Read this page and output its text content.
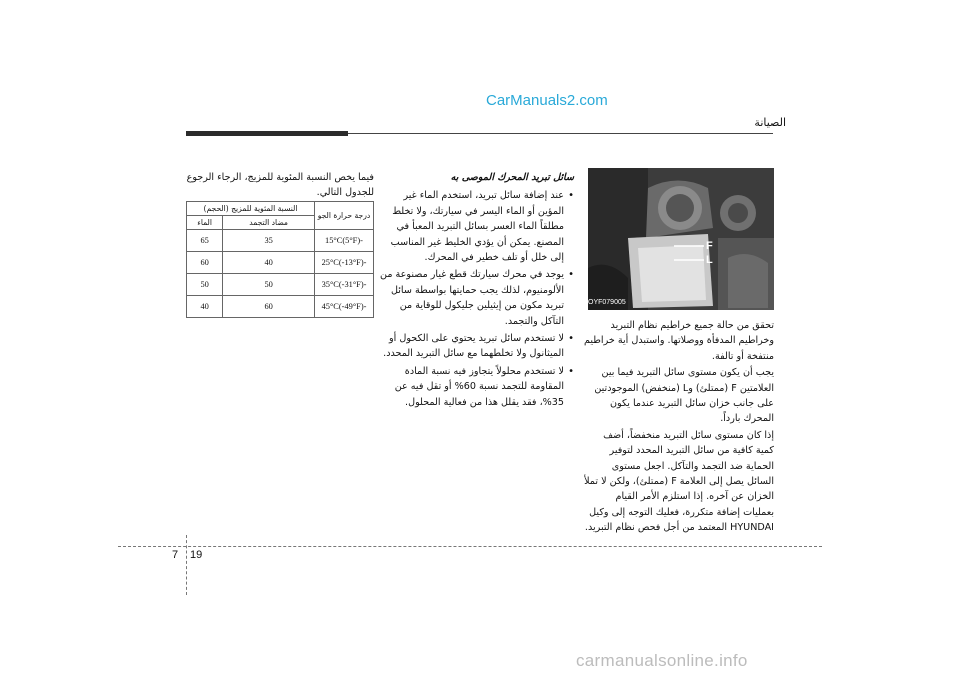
CarManuals2.com
الصيانة
F
L
OYF079005

تحقق من حالة جميع خراطيم نظام التبريد وخراطيم المدفأة ووصلاتها. واستبدل أية خراطيم منتفخة أو تالفة.

يجب أن يكون مستوى سائل التبريد فيما بين العلامتين F (ممتلئ) وL (منخفض) الموجودتين على جانب خزان سائل التبريد عندما يكون المحرك بارداً.

إذا كان مستوى سائل التبريد منخفضاً، أضف كمية كافية من سائل التبريد المحدد لتوفير الحماية ضد التجمد والتآكل. اجعل مستوى السائل يصل إلى العلامة F (ممتلئ)، ولكن لا تملأ الخزان عن آخره. إذا استلزم الأمر القيام بعمليات إضافة متكررة، فعليك التوجه إلى وكيل HYUNDAI المعتمد من أجل فحص نظام التبريد.

سائل تبريد المحرك الموصى به
• عند إضافة سائل تبريد، استخدم الماء غير المؤين أو الماء اليسر في سيارتك، ولا تخلط مطلقاً الماء العسر بسائل التبريد المعبأ في المصنع. يمكن أن يؤدي الخليط غير المناسب إلى خلل أو تلف خطير في المحرك.
• يوجد في محرك سيارتك قطع غيار مصنوعة من الألومنيوم، لذلك يجب حمايتها بواسطة سائل تبريد مكون من إيثيلين جليكول للوقاية من التآكل والتجمد.
• لا تستخدم سائل تبريد يحتوي على الكحول أو الميثانول ولا تخلطهما مع سائل التبريد المحدد.
• لا تستخدم محلولاً يتجاوز فيه نسبة المادة المقاومة للتجمد نسبة 60% أو تقل فيه عن 35%، فقد يقلل هذا من فعالية المحلول.
فيما يخص النسبة المئوية للمزيج، الرجاء الرجوع للجدول التالي.
درجة حرارة الجو	النسبة المئوية للمزيج (الحجم)	
	مضاد التجمد	الماء
-15°C(5°F)	35	65
-25°C(-13°F)	40	60
-35°C(-31°F)	50	50
-45°C(-49°F)	60	40
7 19
carmanualsonline.info
